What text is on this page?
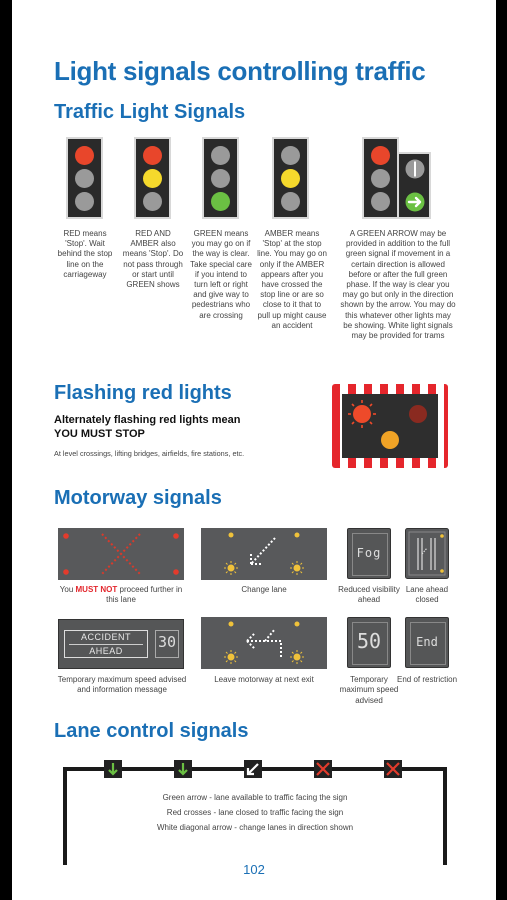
Light signals controlling traffic
Traffic Light Signals
RED means 'Stop'. Wait behind the stop line on the carriageway
RED AND AMBER also means 'Stop'. Do not pass through or start until GREEN shows
GREEN means you may go on if the way is clear. Take special care if you intend to turn left or right and give way to pedestrians who are crossing
AMBER means 'Stop' at the stop line. You may go on only if the AMBER appears after you have crossed the stop line or are so close to it that to pull up might cause an accident
A GREEN ARROW may be provided in addition to the full green signal if movement in a certain direction is allowed before or after the full green phase. If the way is clear you may go but only in the direction shown by the arrow. You may do this whatever other lights may be showing. White light signals may be provided for trams
Flashing red lights
Alternately flashing red lights mean
YOU MUST STOP
At level crossings, lifting bridges, airfields, fire stations, etc.
Motorway signals
You MUST NOT proceed further in this lane
Change lane
Fog
Reduced visibility ahead
Lane ahead closed
ACCIDENT
AHEAD	30
Temporary maximum speed advised and information message
Leave motorway at next exit
50
Temporary maximum speed advised
End
End of restriction
Lane control signals
Green arrow - lane available to traffic facing the sign
Red crosses - lane closed to traffic facing the sign
White diagonal arrow - change lanes in direction shown
102
